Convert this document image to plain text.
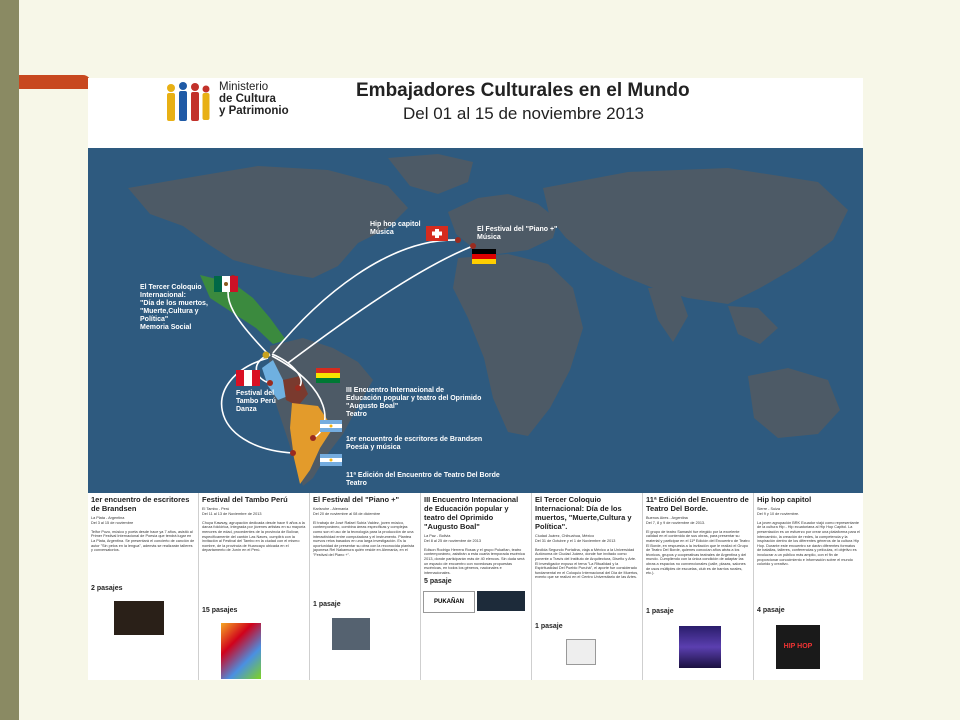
Ministerio
de Cultura
y Patrimonio
Embajadores Culturales en el Mundo
Del 01 al 15 de noviembre 2013
Hip hop capitol
Música	El Festival del "Piano +"
Música
El Tercer Coloquio
Internacional:
"Día de los muertos,
"Muerte,Cultura y
Política"
Memoria Social
Festival del
Tambo Perú
Danza
III Encuentro Internacional de
Educación popular y teatro del Oprimido
"Augusto Boal"
Teatro
1er encuentro de escritores de Brandsen
Poesía y música
11ª Edición del Encuentro de Teatro Del Borde
Teatro
1er encuentro de escritores de Brandsen
La Plata - Argentina
Del 3 al 15 de noviembre

Telfor Pozo, músico y poeta desde hace ya 7 años, asistió al Primer Festival Internacional de Poesía que tendrá lugar en La Plata, Argentina. Se presentará el concierto de canción de autor "Sin pelos en la lengua", además se realizarán talleres y conversatorios.
2 pasajes
Festival del Tambo Perú
El Tambo - Perú
Del 11 al 13 de Noviembre de 2013

Chuya Kawsay, agrupación dedicada desde hace 9 años a la danza folclórica, integrada por jóvenes artistas en su mayoría menores de edad, procedentes de la provincia de Bolívar, específicamente del cantón Las Naves, cumplirá con la invitación al Festival del Tambo en la ciudad con el mismo nombre, de la provincia de Huancayo ubicada en el departamento de Junín en el Perú.
15 pasajes
El Festival del "Piano +"
Karlsruhe - Alemania
Del 20 de noviembre al 08 de diciembre

El trabajo de José Rafael Subía Valdez, joven músico, contemporáneo, combina áreas específicas y complejas como son el uso de la tecnología para la producción de una interactividad entre computadora y el instrumento. Plantea nuevos retos basados en una larga investigación. Es la oportunidad de presentar su obra con la reconocida pianista japonesa Rei Nakamura quién reside en Alemania, en el "Festival del Piano +".
1 pasaje
III Encuentro Internacional de Educación popular y teatro del Oprimido "Augusto Boal"
La Paz - Bolivia
Del 8 al 25 de noviembre de 2013

Edison Rodrigo Herrera Rosas y el grupo Pukañan, teatro contemporáneo, asistirán a esta cuarta temporada escénica 2013, donde participarán más de 40 elencos. Sin duda será un espacio de encuentro con novedosas propuestas escénicas, en todos los géneros, nacionales e internacionales.
5 pasaje
PUKAÑAN
El Tercer Coloquio Internacional: Día de los muertos, "Muerte,Cultura y Política".
Ciudad Juárez, Chihuahua, México
Del 31 de Octubre y el 1 de Noviembre de 2013

Becilda Segundo Portalina, viaja a México a la Universidad Autónoma de Ciudad Juárez, donde fue invitado como ponente a Travís del Instituto de Arquitectura, Diseño y Arte. El investigador expuso el tema "La Ritualidad y la Espiritualidad Del Pueblo Puruhá", el aporte fue considerado fundamental en el Coloquio Internacional del Día de Muertos, evento que se realizó en el Centro Universitario de las Artes.
1 pasaje
11ª Edición del Encuentro de Teatro Del Borde.
Buenos Aires - Argentina
Del 7, 8 y 9 de noviembre de 2013.

El grupo de teatro Samashi fue elegido por la excelente calidad en el contenido de sus obras, para presentar su material y participar en el 11ª Edición del Encuentro de Teatro El Borde, en respuesta a la invitación que le realizó el Grupo de Teatro Del Borde, quienes conocían años atrás a los técnicos, grupos y cooperativas teatrales de Argentina y del mundo. Cumpliendo con la única condición de adaptar las obras a espacios no convencionales (calle, plazas, salones de usos múltiples de escuelas, club es de barrios rurales, etc.).
1 pasaje
Hip hop capitol
Sierre - Suiza
Del 9 y 10 de noviembre.

La joven agrupación BRK Ecuador viajó como representante de la cultura Hip - Hip ecuatoriana al Hip Hop Capitol. La presentación es un esfuerzo por crear una plataforma para el intercambio, la creación de redes, la competencia y la inspiración dentro de los diferentes géneros de la cultura Hip Hop. Durante este encuentro se darán diferentes formatos de batallas, talleres, conferencias y películas, el objetivo es involucrar a un público más amplio, con el fin de proporcionar conocimiento e información sobre el mundo colorido y creativo.
4 pasaje
HIP HOP
